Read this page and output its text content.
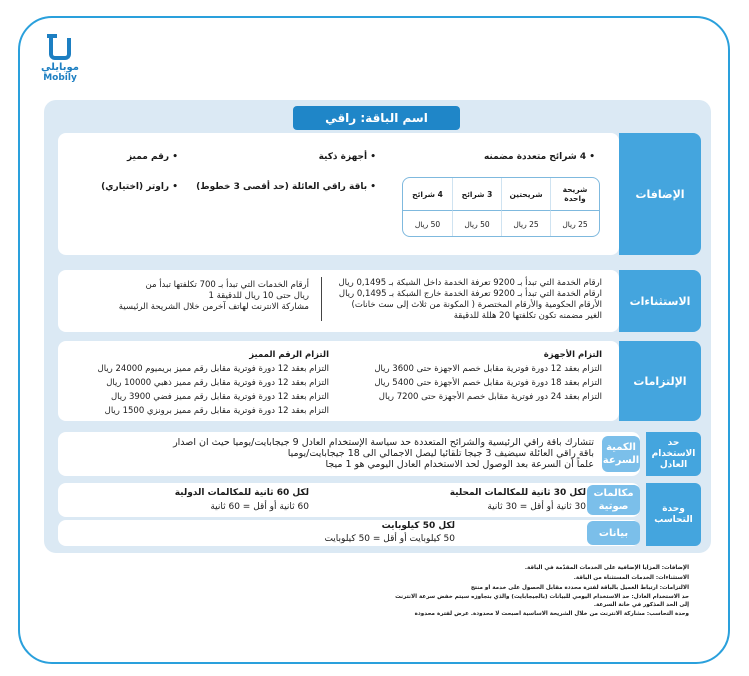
موبايلي
Mobily
اسم الباقة: راقي
الإضافات
• 4 شرائح متعددة مضمنه
• أجهزة ذكية
• رقم مميز
• باقة راقي العائلة (حد أقصى 3 خطوط)
• راوتر (اختياري)	شريحة واحدة
شريحتين
3 شرائح
4 شرائح
25 ريال
25 ريال
50 ريال
50 ريال
الاستثناءات
ارقام الخدمة التي تبدأ بـ 9200 تعرفة الخدمة داخل الشبكة بـ 0,1495 ريال
ارقام الخدمة التي تبدأ بـ 9200 تعرفة الخدمة خارج الشبكة بـ 0,1495 ريال
الأرقام الحكومية والأرقام المختصرة ( المكونة من ثلاث إلى ست خانات)
الغير مضمنه تكون تكلفتها 20 هللة للدقيقة
أرقام الخدمات التي تبدأ بـ 700 تكلفتها تبدأ من
ريال حتى 10 ريال للدقيقة 1
مشاركة الانترنت لهاتف آخرمن خلال الشريحة الرئيسية
الإلتزامات
التزام الأجهزة
التزام بعقد 12 دورة فوترية مقابل خصم الاجهزة حتى 3600 ريال
التزام بعقد 18 دورة فوترية مقابل خصم الأجهزة حتى 5400 ريال
التزام بعقد 24 دور فوترية مقابل خصم الأجهزة حتى 7200 ريال
التزام الرقم المميز
التزام بعقد 12 دورة فوترية مقابل رقم مميز بريميوم 24000 ريال
التزام بعقد 12 دورة فوترية مقابل رقم مميز ذهبي 10000 ريال
التزام بعقد 12 دورة فوترية مقابل رقم مميز فضي 3900 ريال
التزام بعقد 12 دورة فوترية مقابل رقم مميز برونزي 1500 ريال
حد الاستخدام العادل
الكمية السرعة
تتشارك باقة راقي الرئيسية والشرائح المتعددة حد سياسة الإستخدام العادل 9 جيجابايت/يوميا حيث ان اصدار
باقة راقي العائلة سيضيف 3 جيجا تلقائيا ليصل الاجمالي الى 18 جيجابايت/يوميا
علماً أن السرعة بعد الوصول لحد الاستخدام العادل اليومي هو 1 ميجا
وحدة التحاسب
مكالمات صوتية
لكل 30 ثانية للمكالمات المحلية
30 ثانية أو أقل = 30 ثانية
لكل 60 ثانية للمكالمات الدولية
60 ثانية أو أقل = 60 ثانية
بيانات
لكل 50 كيلوبايت
50 كيلوبايت أو أقل = 50 كيلوبايت
الإضافات: المزايا الإضافية على الخدمات المقدّمة في الباقة.
الاستثناءات: الخدمات المستثناة من الباقة.
الالتزامات: ارتباط العميل بالباقة لفترة محددة مقابل الحصول على خدمة او منتج
حد الاستخدام العادل: حد الاستخدام اليومي للبيانات (بالجيجابايت) والذي بتجاوزه سيتم خفض سرعة الانترنت
إلى الحد المذكور في خانة السرعة.
وحدة التحاسب: مشاركة الانترنت من خلال الشريحة الاساسية اصبحت لا محدودة. عرض لفترة محدودة
